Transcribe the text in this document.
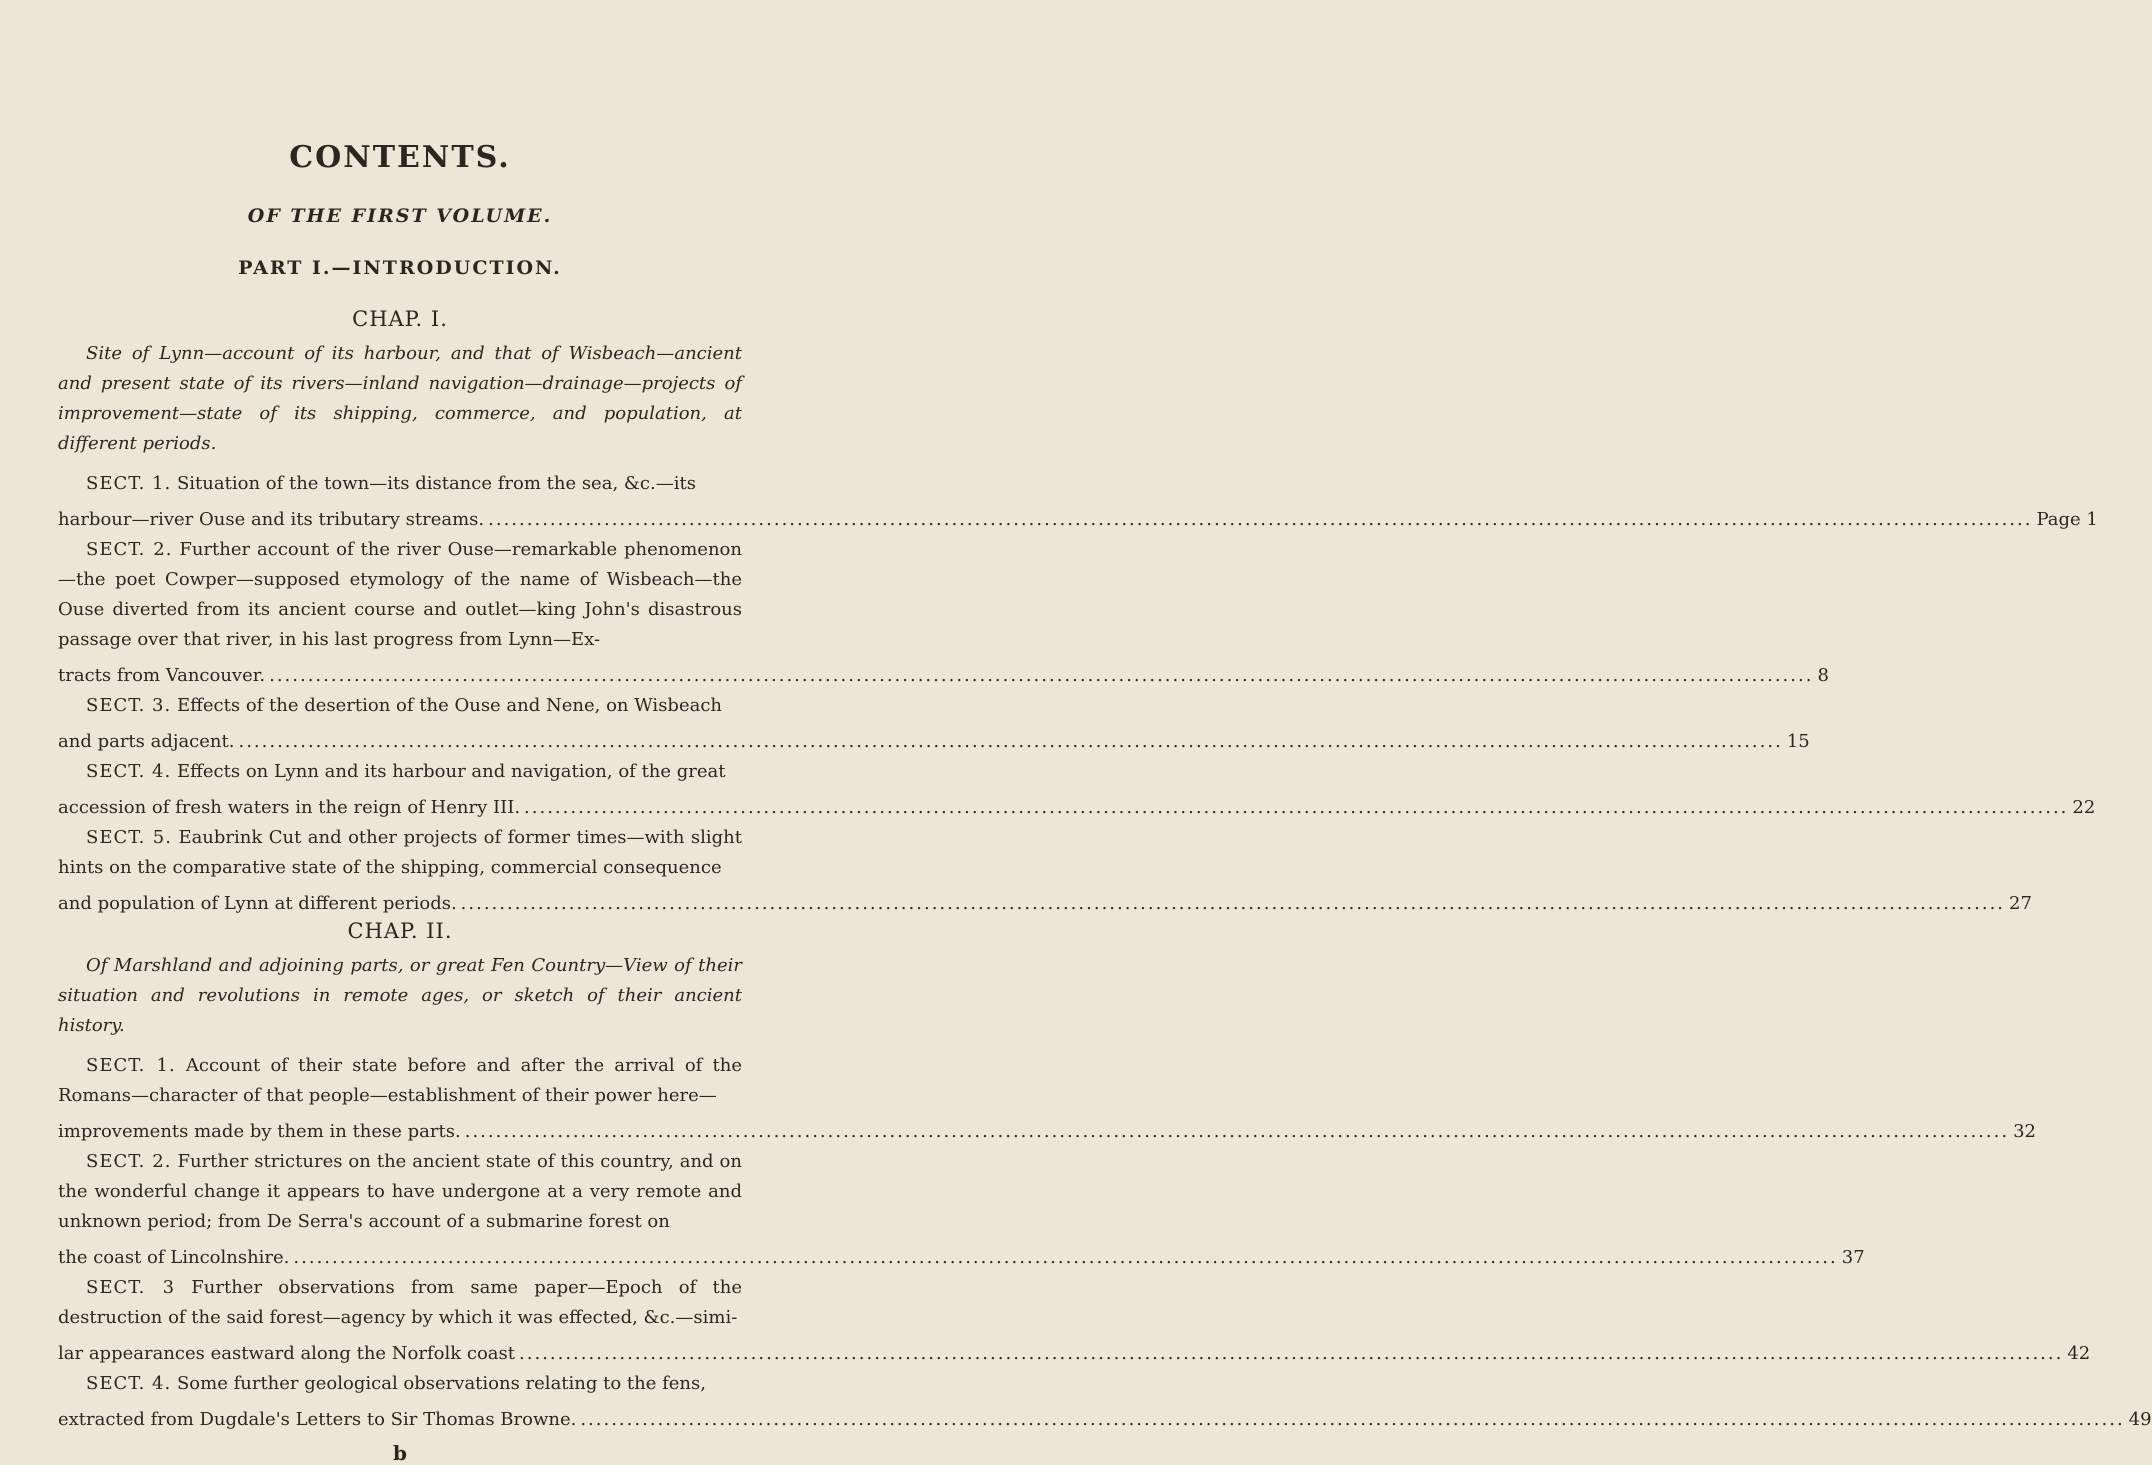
CONTENTS.
OF THE FIRST VOLUME.
PART I.—INTRODUCTION.
CHAP. I.
Site of Lynn—account of its harbour, and that of Wisbeach—ancient and present state of its rivers—inland navigation—drainage—projects of improvement—state of its shipping, commerce, and population, at different periods.
SECT. 1. Situation of the town—its distance from the sea, &c.—its
harbour—river Ouse and its tributary streams. ........................................................................................................................................................................................................ Page 1
SECT. 2. Further account of the river Ouse—remarkable phenomenon—the poet Cowper—supposed etymology of the name of Wisbeach—the Ouse diverted from its ancient course and outlet—king John's disastrous passage over that river, in his last progress from Lynn—Ex-
tracts from Vancouver. ........................................................................................................................................................................................................ 8
SECT. 3. Effects of the desertion of the Ouse and Nene, on Wisbeach
and parts adjacent. ........................................................................................................................................................................................................ 15
SECT. 4. Effects on Lynn and its harbour and navigation, of the great
accession of fresh waters in the reign of Henry III. ........................................................................................................................................................................................................ 22
SECT. 5. Eaubrink Cut and other projects of former times—with slight hints on the comparative state of the shipping, commercial consequence
and population of Lynn at different periods. ........................................................................................................................................................................................................ 27
CHAP. II.
Of Marshland and adjoining parts, or great Fen Country—View of their situation and revolutions in remote ages, or sketch of their ancient history.
SECT. 1. Account of their state before and after the arrival of the Romans—character of that people—establishment of their power here—
improvements made by them in these parts. ........................................................................................................................................................................................................ 32
SECT. 2. Further strictures on the ancient state of this country, and on the wonderful change it appears to have undergone at a very remote and unknown period; from De Serra's account of a submarine forest on
the coast of Lincolnshire. ........................................................................................................................................................................................................ 37
SECT. 3 Further observations from same paper—Epoch of the destruction of the said forest—agency by which it was effected, &c.—simi-
lar appearances eastward along the Norfolk coast ........................................................................................................................................................................................................ 42
SECT. 4. Some further geological observations relating to the fens,
extracted from Dugdale's Letters to Sir Thomas Browne. ........................................................................................................................................................................................................ 49
b
